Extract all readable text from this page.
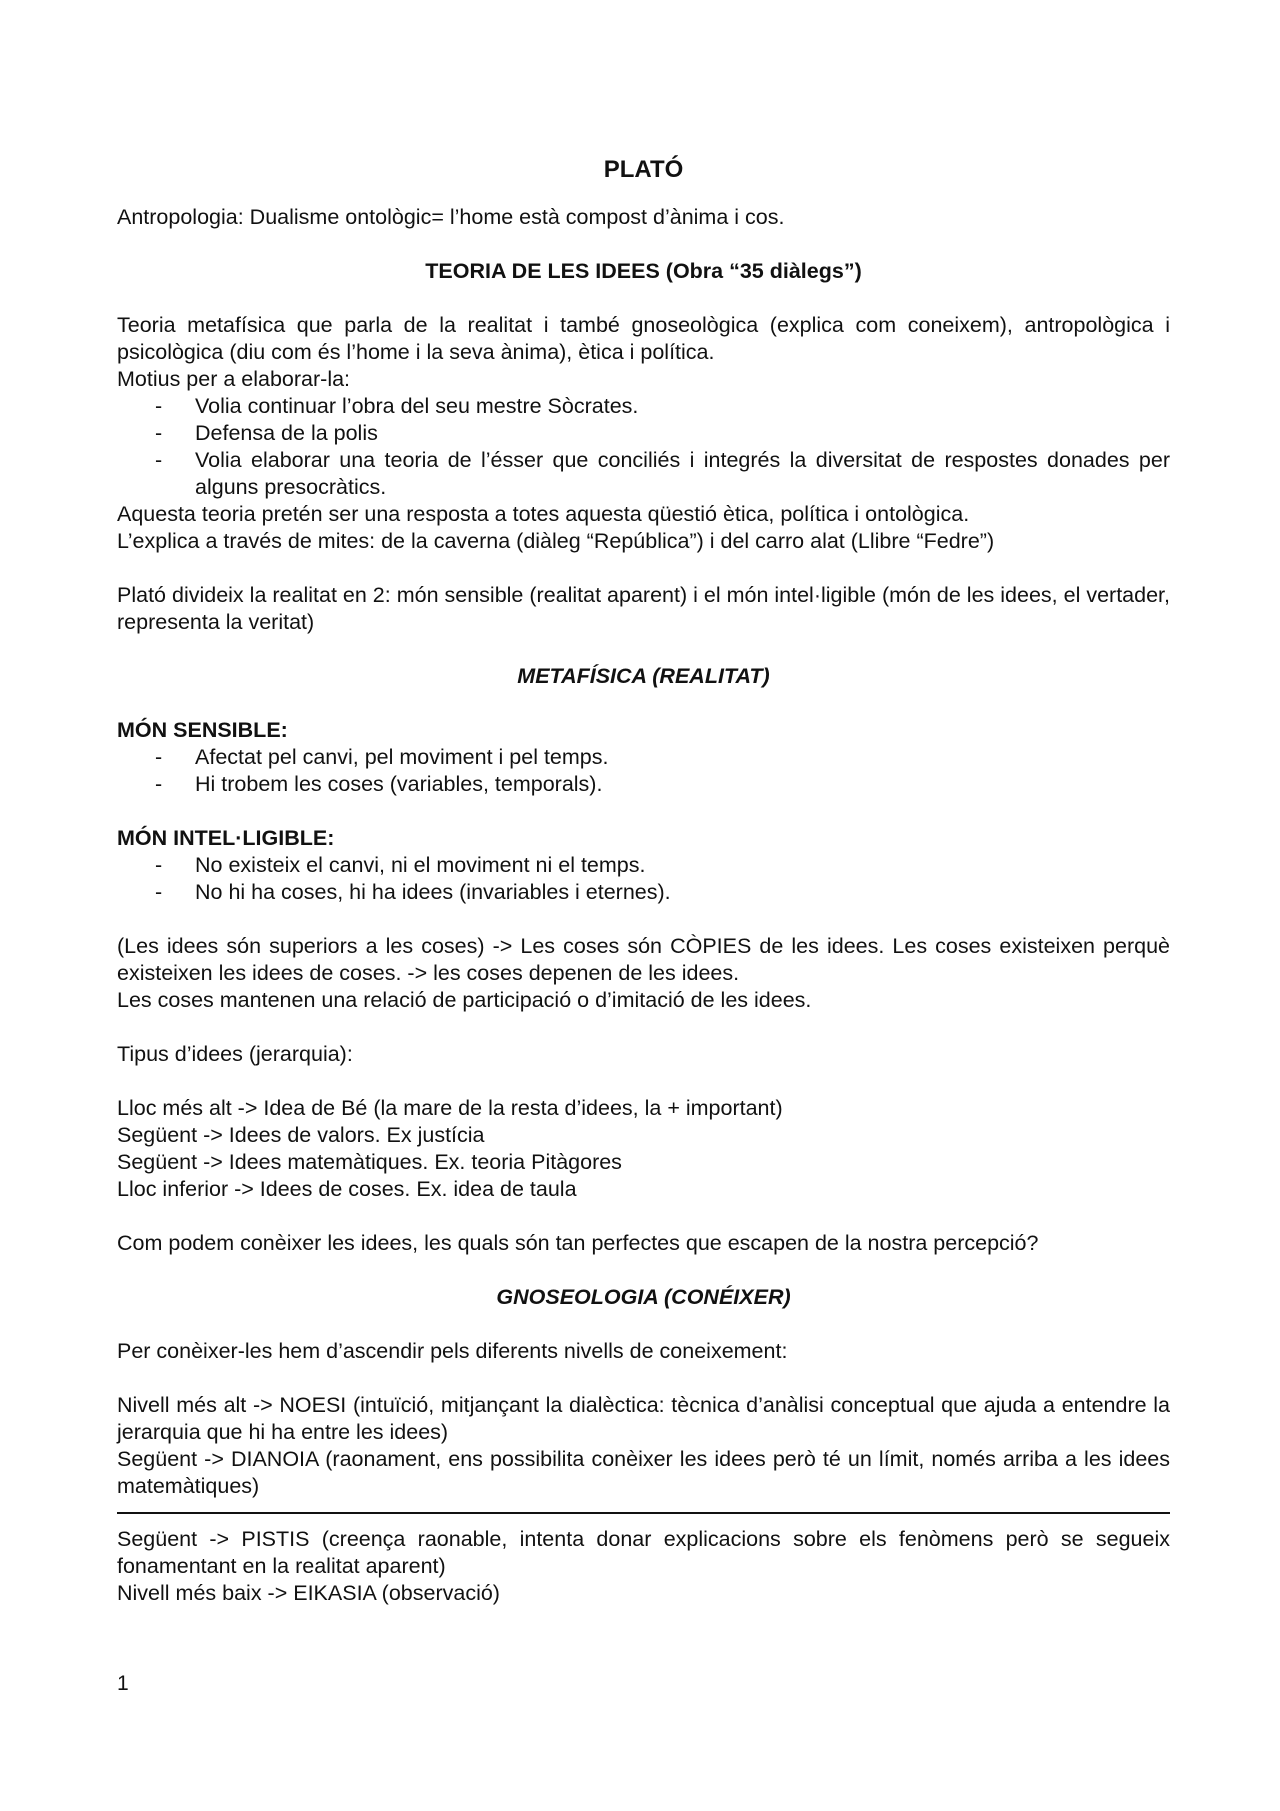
PLATÓ

Antropologia: Dualisme ontològic= l’home està compost d’ànima i cos.

TEORIA DE LES IDEES (Obra “35 diàlegs”)

Teoria metafísica que parla de la realitat i també gnoseològica (explica com coneixem), antropològica i psicològica (diu com és l’home i la seva ànima), ètica i política.

Motius per a elaborar-la:

- Volia continuar l’obra del seu mestre Sòcrates.
- Defensa de la polis
- Volia elaborar una teoria de l’ésser que conciliés i integrés la diversitat de respostes donades per alguns presocràtics.

Aquesta teoria pretén ser una resposta a totes aquesta qüestió ètica, política i ontològica.

L’explica a través de mites: de la caverna (diàleg “República”) i del carro alat (Llibre “Fedre”)

Plató divideix la realitat en 2: món sensible (realitat aparent) i el món intel·ligible (món de les idees, el vertader, representa la veritat)

METAFÍSICA (REALITAT)

MÓN SENSIBLE:

- Afectat pel canvi, pel moviment i pel temps.
- Hi trobem les coses (variables, temporals).

MÓN INTEL·LIGIBLE:

- No existeix el canvi, ni el moviment ni el temps.
- No hi ha coses, hi ha idees (invariables i eternes).

(Les idees són superiors a les coses) -> Les coses són CÒPIES de les idees. Les coses existeixen perquè existeixen les idees de coses. -> les coses depenen de les idees.

Les coses mantenen una relació de participació o d’imitació de les idees.

Tipus d’idees (jerarquia):

Lloc més alt -> Idea de Bé (la mare de la resta d’idees, la + important)

Següent -> Idees de valors. Ex justícia

Següent -> Idees matemàtiques. Ex. teoria Pitàgores

Lloc inferior -> Idees de coses. Ex. idea de taula

Com podem conèixer les idees, les quals són tan perfectes que escapen de la nostra percepció?

GNOSEOLOGIA (CONÉIXER)

Per conèixer-les hem d’ascendir pels diferents nivells de coneixement:

Nivell més alt -> NOESI (intuïció, mitjançant la dialèctica: tècnica d’anàlisi conceptual que ajuda a entendre la jerarquia que hi ha entre les idees)

Següent -> DIANOIA (raonament, ens possibilita conèixer les idees però té un límit, només arriba a les idees matemàtiques)

Següent -> PISTIS (creença raonable, intenta donar explicacions sobre els fenòmens però se segueix fonamentant en la realitat aparent)

Nivell més baix -> EIKASIA (observació)

1
